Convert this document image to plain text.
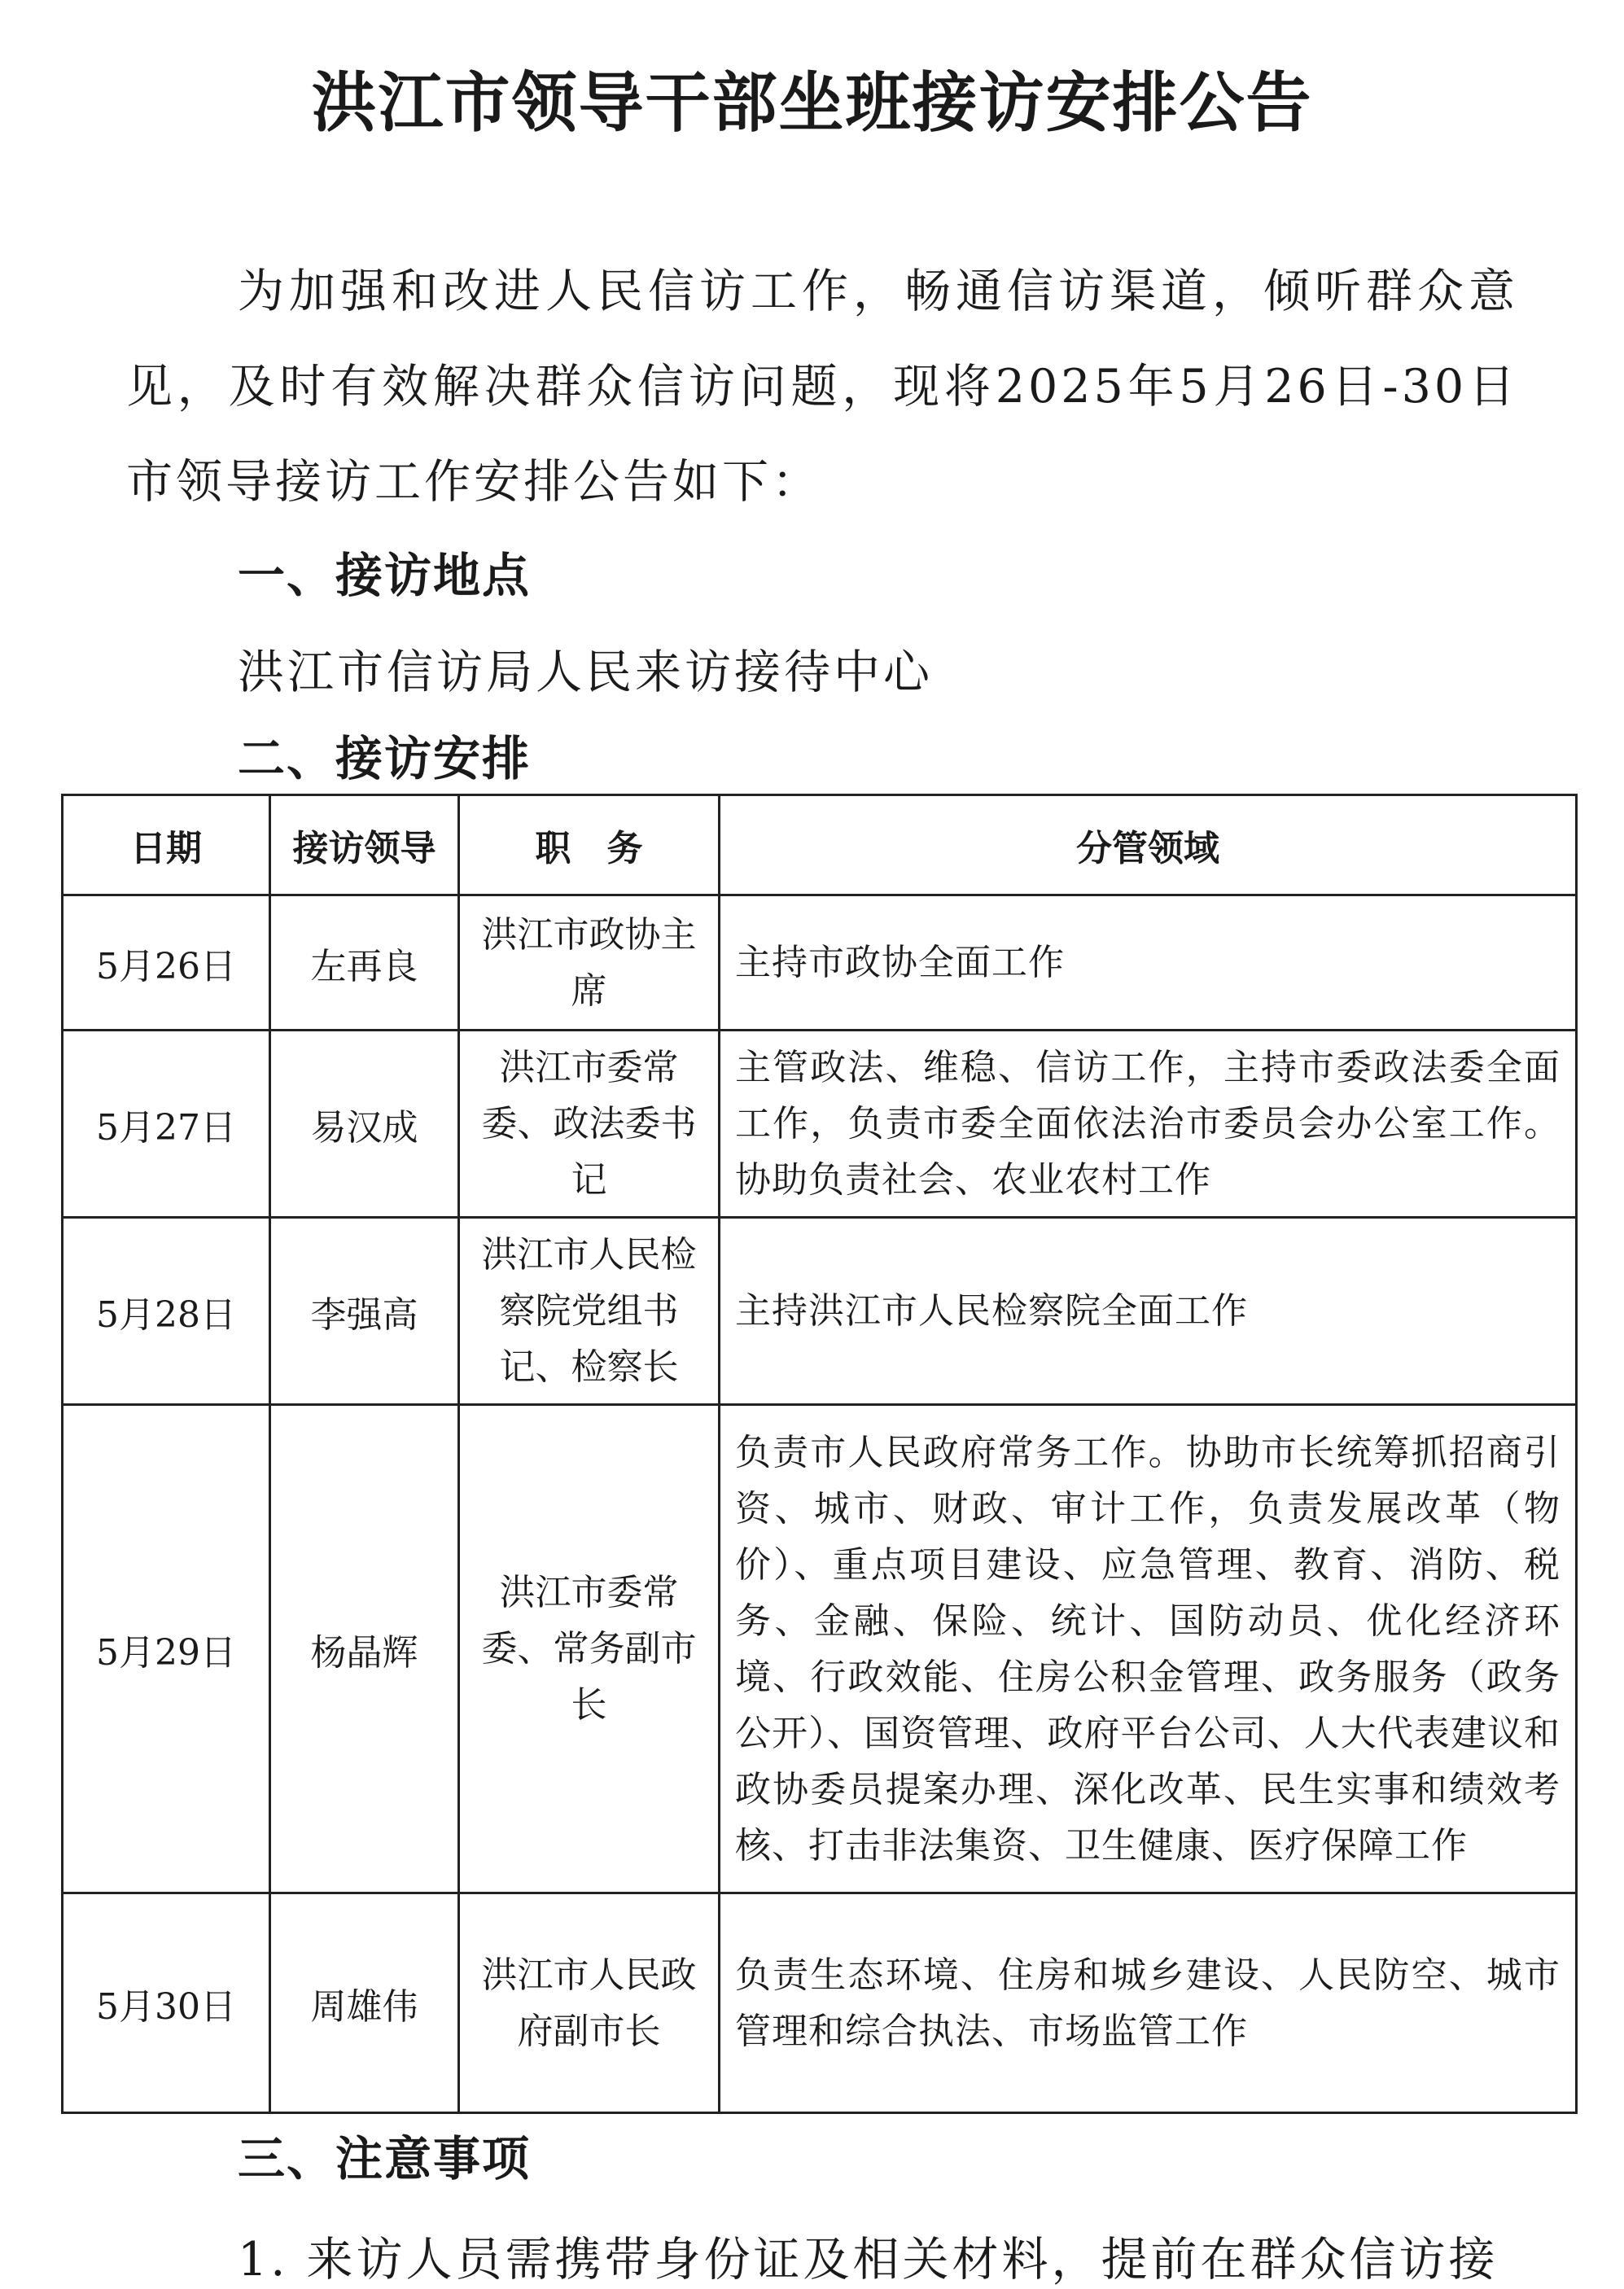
洪江市领导干部坐班接访安排公告

为加强和改进人民信访工作，畅通信访渠道，倾听群众意见，及时有效解决群众信访问题，现将2025年5月26日-30日市领导接访工作安排公告如下：

一、接访地点

洪江市信访局人民来访接待中心

二、接访安排
日期	接访领导	职　务	分管领域
5月26日	左再良	洪江市政协主席	主持市政协全面工作
5月27日	易汉成	洪江市委常委、政法委书记	主管政法、维稳、信访工作，主持市委政法委全面工作，负责市委全面依法治市委员会办公室工作。协助负责社会、农业农村工作
5月28日	李强高	洪江市人民检察院党组书记、检察长	主持洪江市人民检察院全面工作
5月29日	杨晶辉	洪江市委常委、常务副市长	负责市人民政府常务工作。协助市长统筹抓招商引资、城市、财政、审计工作，负责发展改革（物价）、重点项目建设、应急管理、教育、消防、税务、金融、保险、统计、国防动员、优化经济环境、行政效能、住房公积金管理、政务服务（政务公开）、国资管理、政府平台公司、人大代表建议和政协委员提案办理、深化改革、民生实事和绩效考核、打击非法集资、卫生健康、医疗保障工作
5月30日	周雄伟	洪江市人民政府副市长	负责生态环境、住房和城乡建设、人民防空、城市管理和综合执法、市场监管工作
三、注意事项

1. 来访人员需携带身份证及相关材料，提前在群众信访接
